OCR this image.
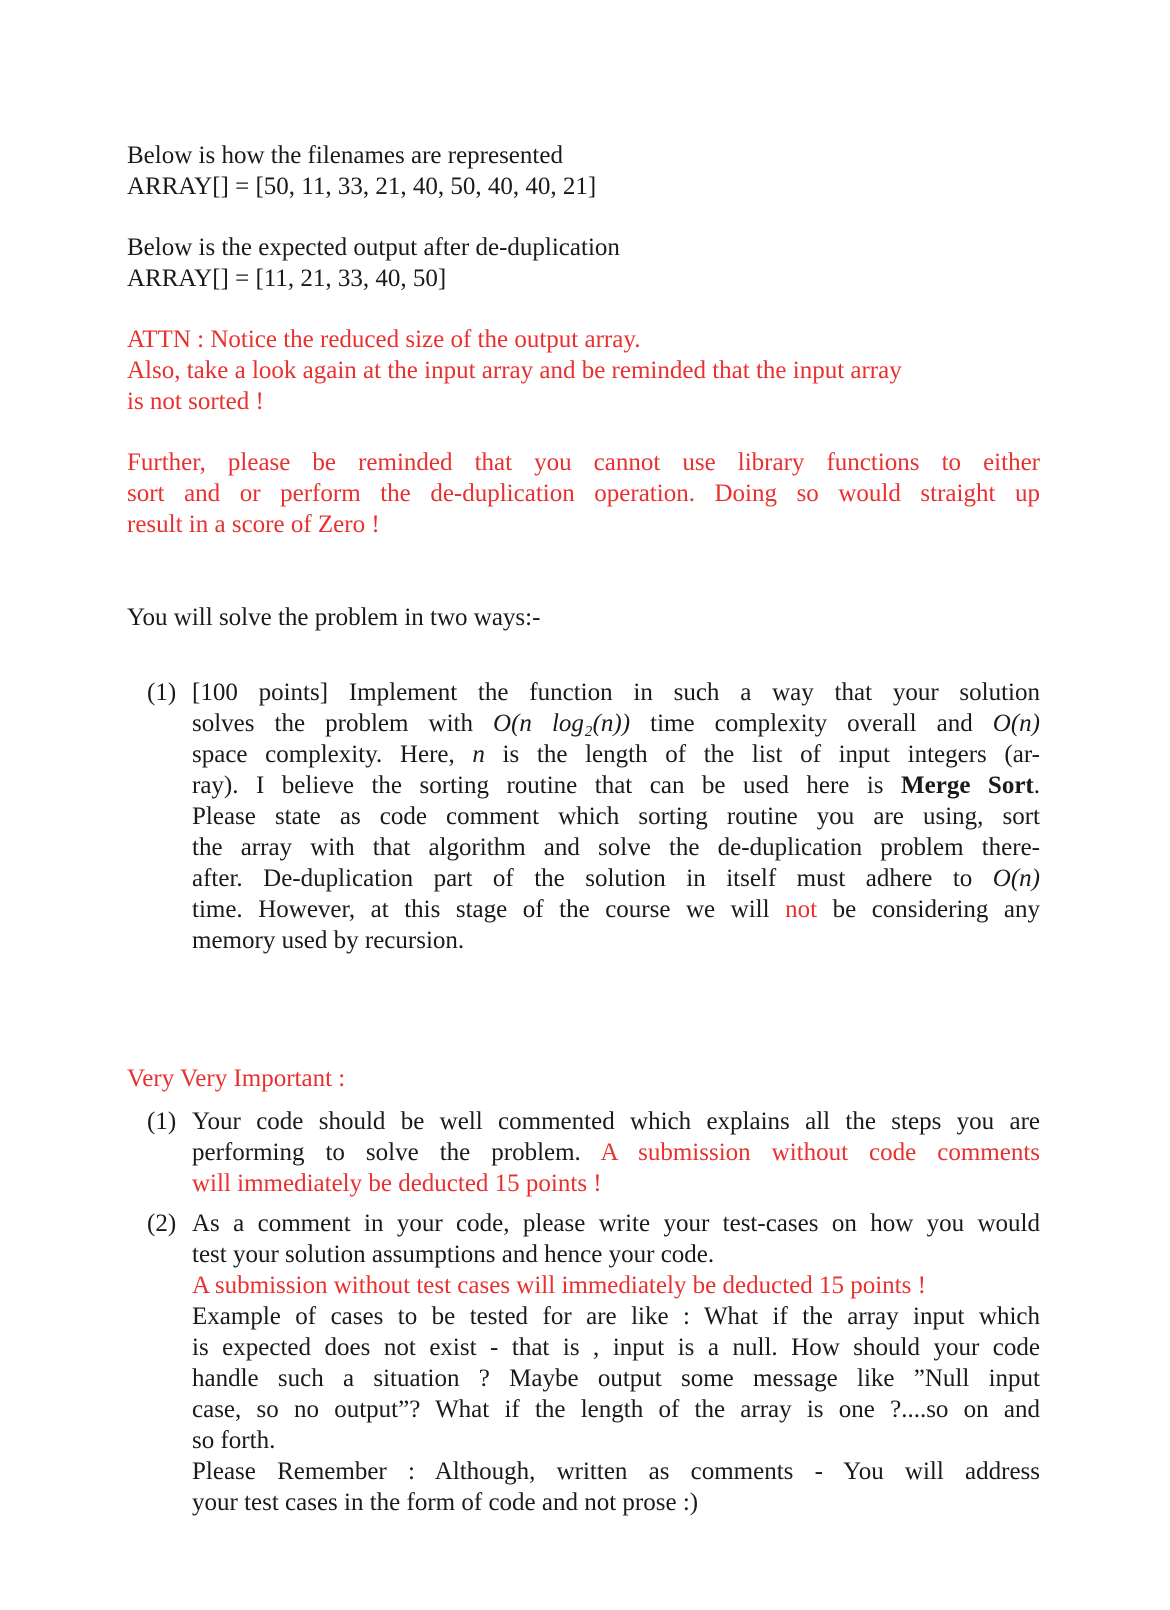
Below is how the filenames are represented
ARRAY[] = [50, 11, 33, 21, 40, 50, 40, 40, 21]
Below is the expected output after de-duplication
ARRAY[] = [11, 21, 33, 40, 50]
ATTN : Notice the reduced size of the output array.
Also, take a look again at the input array and be reminded that the input array
is not sorted !
Further, please be reminded that you cannot use library functions to either
sort and or perform the de-duplication operation. Doing so would straight up
result in a score of Zero !
You will solve the problem in two ways:-
(1) [100 points] Implement the function in such a way that your solution
solves the problem with O(n log₂(n)) time complexity overall and O(n)
space complexity. Here, n is the length of the list of input integers (ar-
ray). I believe the sorting routine that can be used here is Merge Sort.
Please state as code comment which sorting routine you are using, sort
the array with that algorithm and solve the de-duplication problem there-
after. De-duplication part of the solution in itself must adhere to O(n)
time. However, at this stage of the course we will not be considering any
memory used by recursion.
Very Very Important :
(1) Your code should be well commented which explains all the steps you are
performing to solve the problem. A submission without code comments
will immediately be deducted 15 points !
(2) As a comment in your code, please write your test-cases on how you would
test your solution assumptions and hence your code.
A submission without test cases will immediately be deducted 15 points !
Example of cases to be tested for are like : What if the array input which
is expected does not exist - that is , input is a null. How should your code
handle such a situation ? Maybe output some message like ”Null input
case, so no output”? What if the length of the array is one ?....so on and
so forth.
Please Remember : Although, written as comments - You will address
your test cases in the form of code and not prose :)
